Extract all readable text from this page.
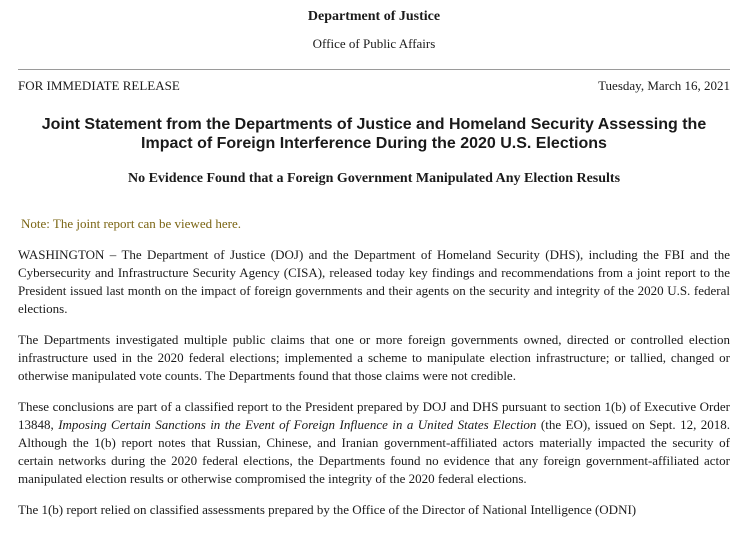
Department of Justice
Office of Public Affairs
FOR IMMEDIATE RELEASE	Tuesday, March 16, 2021
Joint Statement from the Departments of Justice and Homeland Security Assessing the Impact of Foreign Interference During the 2020 U.S. Elections
No Evidence Found that a Foreign Government Manipulated Any Election Results
Note: The joint report can be viewed here.

WASHINGTON – The Department of Justice (DOJ) and the Department of Homeland Security (DHS), including the FBI and the Cybersecurity and Infrastructure Security Agency (CISA), released today key findings and recommendations from a joint report to the President issued last month on the impact of foreign governments and their agents on the security and integrity of the 2020 U.S. federal elections.

The Departments investigated multiple public claims that one or more foreign governments owned, directed or controlled election infrastructure used in the 2020 federal elections; implemented a scheme to manipulate election infrastructure; or tallied, changed or otherwise manipulated vote counts. The Departments found that those claims were not credible.

These conclusions are part of a classified report to the President prepared by DOJ and DHS pursuant to section 1(b) of Executive Order 13848, Imposing Certain Sanctions in the Event of Foreign Influence in a United States Election (the EO), issued on Sept. 12, 2018. Although the 1(b) report notes that Russian, Chinese, and Iranian government-affiliated actors materially impacted the security of certain networks during the 2020 federal elections, the Departments found no evidence that any foreign government-affiliated actor manipulated election results or otherwise compromised the integrity of the 2020 federal elections.

The 1(b) report relied on classified assessments prepared by the Office of the Director of National Intelligence (ODNI)
